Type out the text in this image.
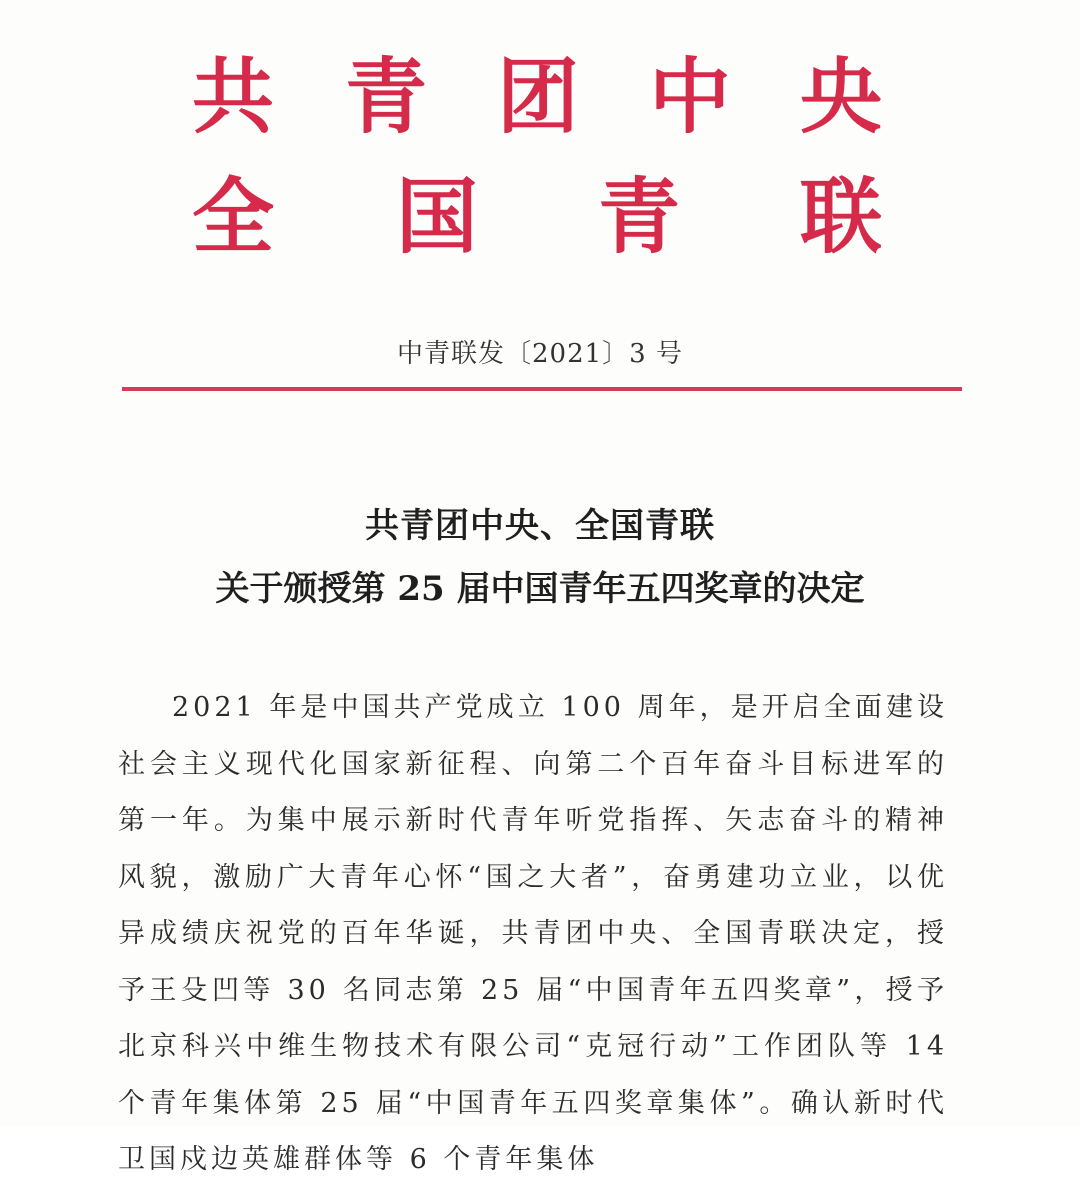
共 青 团 中 央
全 国 青 联
中青联发〔2021〕3 号
共青团中央、全国青联
关于颁授第 25 届中国青年五四奖章的决定

2021 年是中国共产党成立 100 周年，是开启全面建设社会主义现代化国家新征程、向第二个百年奋斗目标进军的第一年。为集中展示新时代青年听党指挥、矢志奋斗的精神风貌，激励广大青年心怀“国之大者”，奋勇建功立业，以优异成绩庆祝党的百年华诞，共青团中央、全国青联决定，授予王殳凹等 30 名同志第 25 届“中国青年五四奖章”，授予北京科兴中维生物技术有限公司“克冠行动”工作团队等 14 个青年集体第 25 届“中国青年五四奖章集体”。确认新时代卫国戍边英雄群体等 6 个青年集体
